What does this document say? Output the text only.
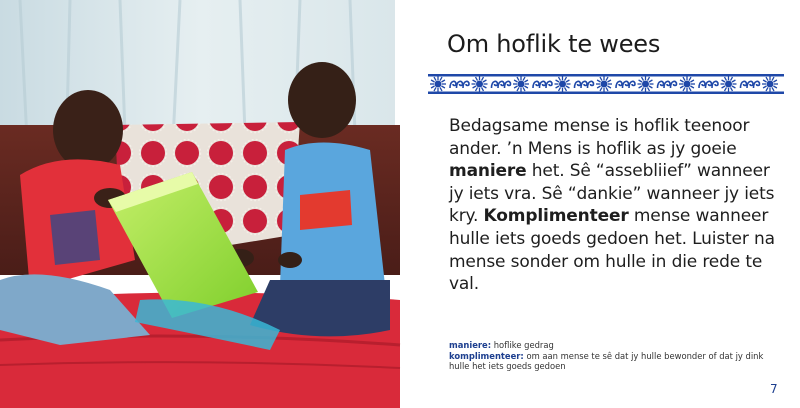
Om hoflik te wees
Bedagsame mense is hoflik teenoor ander. ’n Mens is hoflik as jy goeie maniere het. Sê “assebliief” wanneer jy iets vra. Sê “dankie” wanneer jy iets kry. Komplimenteer mense wanneer hulle iets goeds gedoen het. Luister na mense sonder om hulle in die rede te val.
maniere: hoflike gedrag
komplimenteer: om aan mense te sê dat jy hulle bewonder of dat jy dink hulle het iets goeds gedoen
7
